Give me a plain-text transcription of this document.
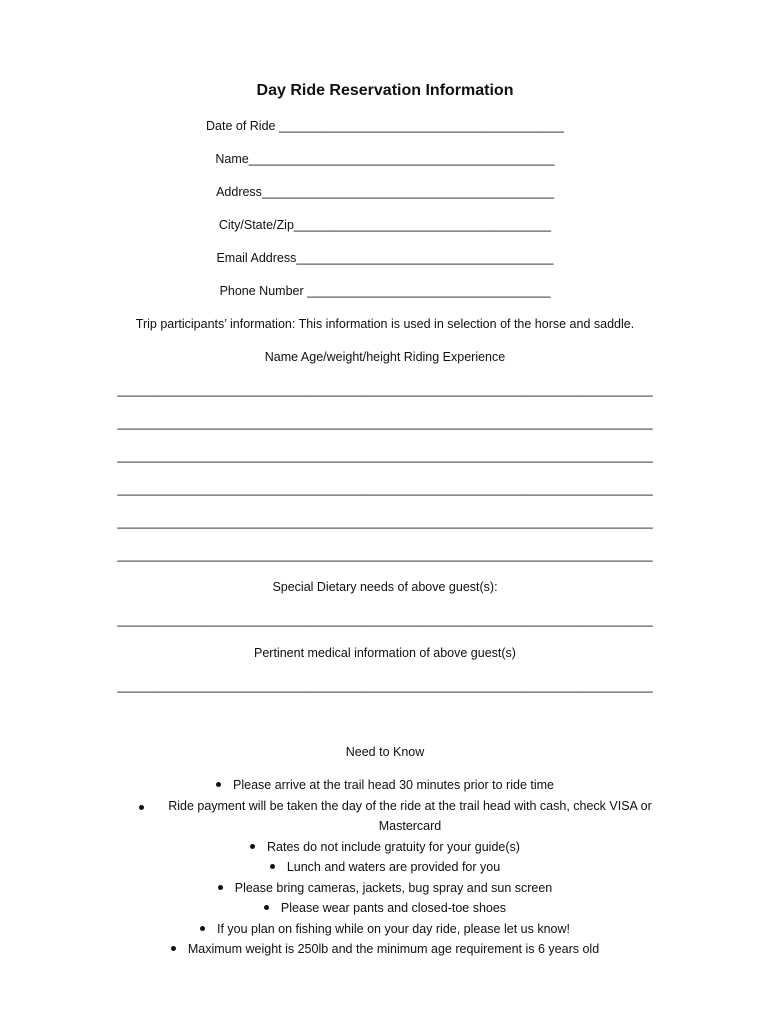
Day Ride Reservation Information
Date of Ride _________________________________________
Name____________________________________________
Address__________________________________________
City/State/Zip_____________________________________
Email Address_____________________________________
Phone Number ___________________________________
Trip participants’ information: This information is used in selection of the horse and saddle.
Name Age/weight/height Riding Experience
_____________________________________________________________________________
_____________________________________________________________________________
_____________________________________________________________________________
_____________________________________________________________________________
_____________________________________________________________________________
_____________________________________________________________________________
Special Dietary needs of above guest(s):
_____________________________________________________________________________
Pertinent medical information of above guest(s)
_____________________________________________________________________________
Need to Know
Please arrive at the trail head 30 minutes prior to ride time
Ride payment will be taken the day of the ride at the trail head with cash, check VISA or Mastercard
Rates do not include gratuity for your guide(s)
Lunch and waters are provided for you
Please bring cameras, jackets, bug spray and sun screen
Please wear pants and closed-toe shoes
If you plan on fishing while on your day ride, please let us know!
Maximum weight is 250lb and the minimum age requirement is 6 years old
